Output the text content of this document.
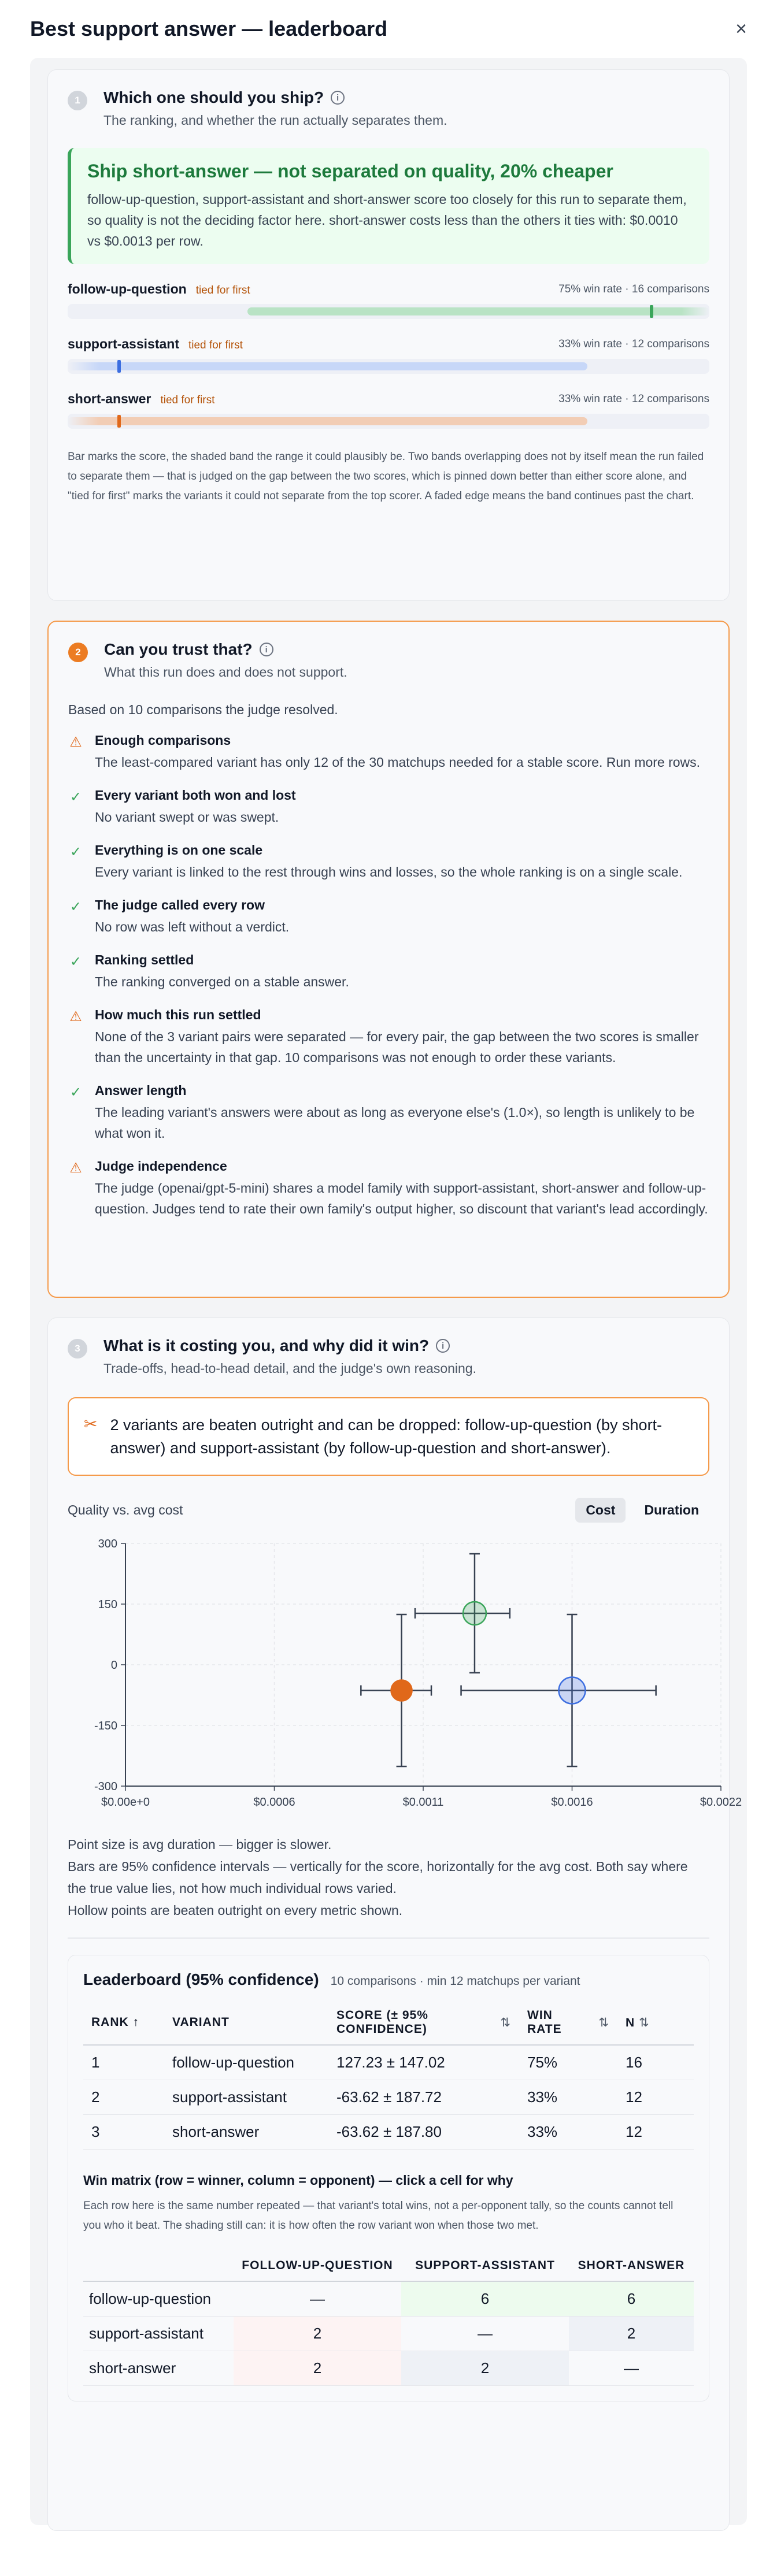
Best support answer — leaderboard	×
1	Which one should you ship?	i
The ranking, and whether the run actually separates them.
Ship short-answer — not separated on quality, 20% cheaper

follow-up-question, support-assistant and short-answer score too closely for this run to separate them, so quality is not the deciding factor here. short-answer costs less than the others it ties with: $0.0010 vs $0.0013 per row.

follow-up-question tied for first	75% win rate · 16 comparisons
support-assistant tied for first	33% win rate · 12 comparisons
short-answer tied for first	33% win rate · 12 comparisons

Bar marks the score, the shaded band the range it could plausibly be. Two bands overlapping does not by itself mean the run failed to separate them — that is judged on the gap between the two scores, which is pinned down better than either score alone, and "tied for first" marks the variants it could not separate from the top scorer. A faded edge means the band continues past the chart.

2	Can you trust that?	i
What this run does and does not support.
Based on 10 comparisons the judge resolved.
⚠ Enough comparisons
The least-compared variant has only 12 of the 30 matchups needed for a stable score. Run more rows.
✓ Every variant both won and lost
No variant swept or was swept.
✓ Everything is on one scale
Every variant is linked to the rest through wins and losses, so the whole ranking is on a single scale.
✓ The judge called every row
No row was left without a verdict.
✓ Ranking settled
The ranking converged on a stable answer.
⚠ How much this run settled
None of the 3 variant pairs were separated — for every pair, the gap between the two scores is smaller than the uncertainty in that gap. 10 comparisons was not enough to order these variants.
✓ Answer length
The leading variant's answers were about as long as everyone else's (1.0×), so length is unlikely to be what won it.
⚠ Judge independence
The judge (openai/gpt-5-mini) shares a model family with support-assistant, short-answer and follow-up-question. Judges tend to rate their own family's output higher, so discount that variant's lead accordingly.
3	What is it costing you, and why did it win?	i
Trade-offs, head-to-head detail, and the judge's own reasoning.
✂ 2 variants are beaten outright and can be dropped: follow-up-question (by short-answer) and support-assistant (by follow-up-question and short-answer).

Quality vs. avg cost	Cost	Duration
$0.00e+0	$0.0006	$0.0011	$0.0016	$0.0022
300
150
0
-150
-300

Point size is avg duration — bigger is slower.

Bars are 95% confidence intervals — vertically for the score, horizontally for the avg cost. Both say where the true value lies, not how much individual rows varied.

Hollow points are beaten outright on every metric shown.

Leaderboard (95% confidence) 10 comparisons · min 12 matchups per variant
RANK ↑	VARIANT	SCORE (± 95% CONFIDENCE) ⇅	WIN RATE ⇅	N ⇅
1	follow-up-question	127.23 ± 147.02	75%	16
2	support-assistant	-63.62 ± 187.72	33%	12
3	short-answer	-63.62 ± 187.80	33%	12
Win matrix (row = winner, column = opponent) — click a cell for why

Each row here is the same number repeated — that variant's total wins, not a per-opponent tally, so the counts cannot tell you who it beat. The shading still can: it is how often the row variant won when those two met.

	FOLLOW-UP-QUESTION	SUPPORT-ASSISTANT	SHORT-ANSWER
follow-up-question	—	6	6
support-assistant	2	—	2
short-answer	2	2	—
